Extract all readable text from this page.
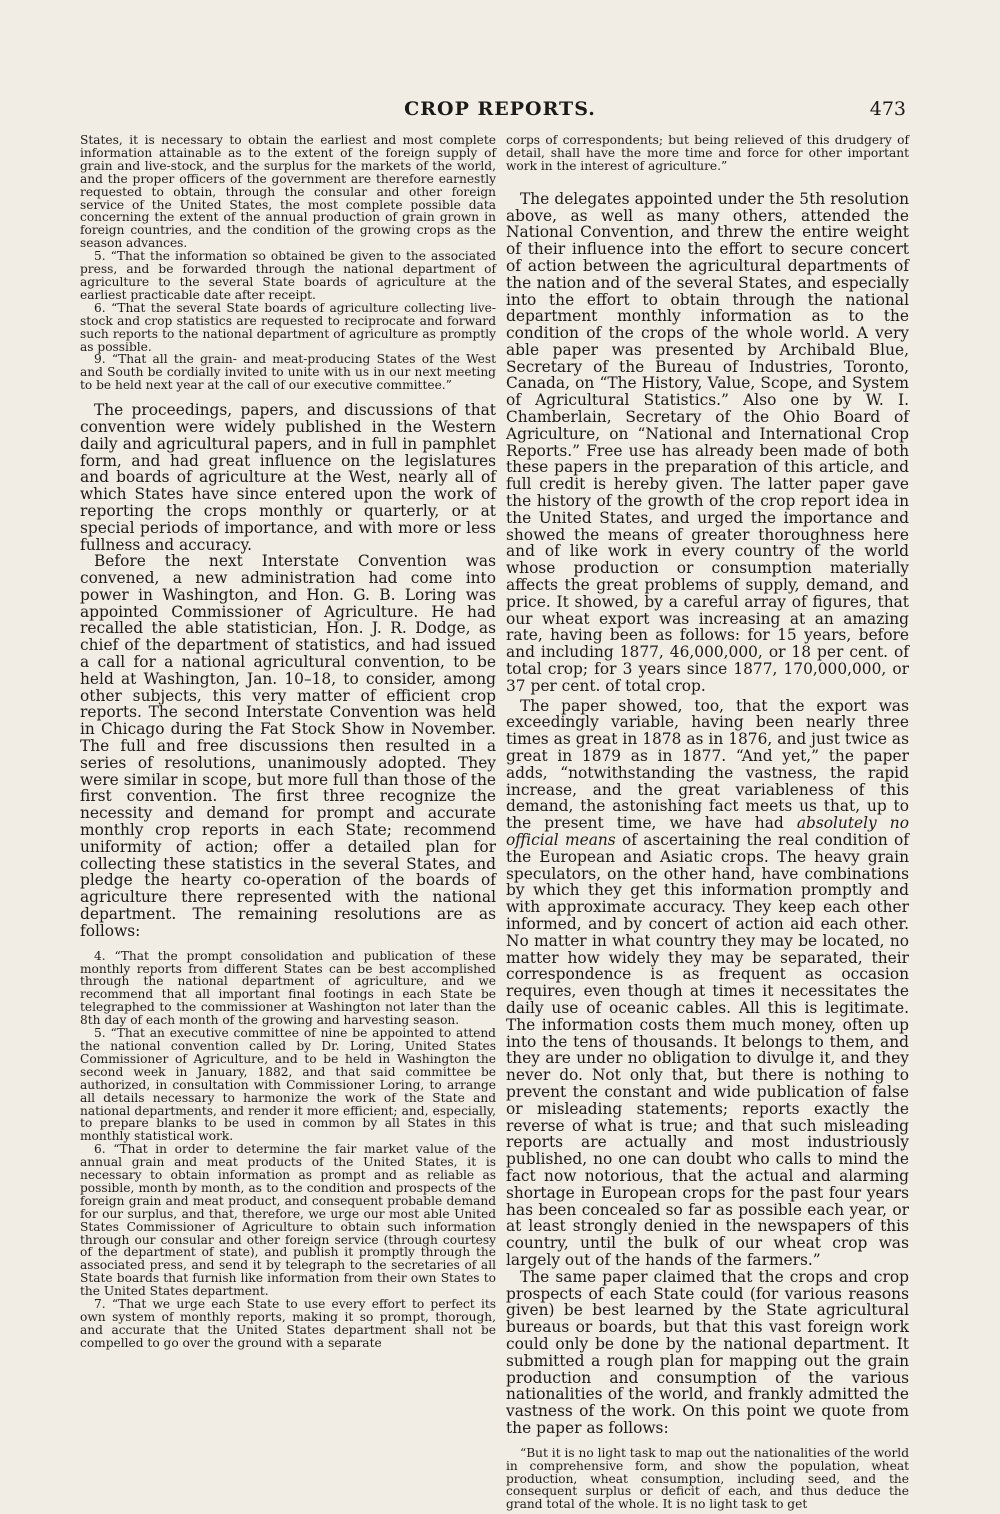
CROP REPORTS.	473

States, it is necessary to obtain the earliest and most complete information attainable as to the extent of the foreign supply of grain and live-stock, and the surplus for the markets of the world, and the proper officers of the government are therefore earnestly requested to obtain, through the consular and other foreign service of the United States, the most complete possible data concerning the extent of the annual production of grain grown in foreign countries, and the condition of the growing crops as the season advances.

5. “That the information so obtained be given to the associated press, and be forwarded through the national department of agriculture to the several State boards of agriculture at the earliest practicable date after receipt.

6. “That the several State boards of agriculture collecting live-stock and crop statistics are requested to reciprocate and forward such reports to the national department of agriculture as promptly as possible.

9. “That all the grain- and meat-producing States of the West and South be cordially invited to unite with us in our next meeting to be held next year at the call of our executive committee.”

The proceedings, papers, and discussions of that convention were widely published in the Western daily and agricultural papers, and in full in pamphlet form, and had great influence on the legislatures and boards of agriculture at the West, nearly all of which States have since entered upon the work of reporting the crops monthly or quarterly, or at special periods of importance, and with more or less fullness and accuracy.

Before the next Interstate Convention was convened, a new administration had come into power in Washington, and Hon. G. B. Loring was appointed Commissioner of Agriculture. He had recalled the able statistician, Hon. J. R. Dodge, as chief of the department of statistics, and had issued a call for a national agricultural convention, to be held at Washington, Jan. 10–18, to consider, among other subjects, this very matter of efficient crop reports. The second Interstate Convention was held in Chicago during the Fat Stock Show in November. The full and free discussions then resulted in a series of resolutions, unanimously adopted. They were similar in scope, but more full than those of the first convention. The first three recognize the necessity and demand for prompt and accurate monthly crop reports in each State; recommend uniformity of action; offer a detailed plan for collecting these statistics in the several States, and pledge the hearty co-operation of the boards of agriculture there represented with the national department. The remaining resolutions are as follows:

4. “That the prompt consolidation and publication of these monthly reports from different States can be best accomplished through the national department of agriculture, and we recommend that all important final footings in each State be telegraphed to the commissioner at Washington not later than the 8th day of each month of the growing and harvesting season.

5. “That an executive committee of nine be appointed to attend the national convention called by Dr. Loring, United States Commissioner of Agriculture, and to be held in Washington the second week in January, 1882, and that said committee be authorized, in consultation with Commissioner Loring, to arrange all details necessary to harmonize the work of the State and national departments, and render it more efficient; and, especially, to prepare blanks to be used in common by all States in this monthly statistical work.

6. “That in order to determine the fair market value of the annual grain and meat products of the United States, it is necessary to obtain information as prompt and as reliable as possible, month by month, as to the condition and prospects of the foreign grain and meat product, and consequent probable demand for our surplus, and that, therefore, we urge our most able United States Commissioner of Agriculture to obtain such information through our consular and other foreign service (through courtesy of the department of state), and publish it promptly through the associated press, and send it by telegraph to the secretaries of all State boards that furnish like information from their own States to the United States department.

7. “That we urge each State to use every effort to perfect its own system of monthly reports, making it so prompt, thorough, and accurate that the United States department shall not be compelled to go over the ground with a separate

corps of correspondents; but being relieved of this drudgery of detail, shall have the more time and force for other important work in the interest of agriculture.”

The delegates appointed under the 5th resolution above, as well as many others, attended the National Convention, and threw the entire weight of their influence into the effort to secure concert of action between the agricultural departments of the nation and of the several States, and especially into the effort to obtain through the national department monthly information as to the condition of the crops of the whole world. A very able paper was presented by Archibald Blue, Secretary of the Bureau of Industries, Toronto, Canada, on “The History, Value, Scope, and System of Agricultural Statistics.” Also one by W. I. Chamberlain, Secretary of the Ohio Board of Agriculture, on “National and International Crop Reports.” Free use has already been made of both these papers in the preparation of this article, and full credit is hereby given. The latter paper gave the history of the growth of the crop report idea in the United States, and urged the importance and showed the means of greater thoroughness here and of like work in every country of the world whose production or consumption materially affects the great problems of supply, demand, and price. It showed, by a careful array of figures, that our wheat export was increasing at an amazing rate, having been as follows: for 15 years, before and including 1877, 46,000,000, or 18 per cent. of total crop; for 3 years since 1877, 170,000,000, or 37 per cent. of total crop.

The paper showed, too, that the export was exceedingly variable, having been nearly three times as great in 1878 as in 1876, and just twice as great in 1879 as in 1877. “And yet,” the paper adds, “notwithstanding the vastness, the rapid increase, and the great variableness of this demand, the astonishing fact meets us that, up to the present time, we have had absolutely no official means of ascertaining the real condition of the European and Asiatic crops. The heavy grain speculators, on the other hand, have combinations by which they get this information promptly and with approximate accuracy. They keep each other informed, and by concert of action aid each other. No matter in what country they may be located, no matter how widely they may be separated, their correspondence is as frequent as occasion requires, even though at times it necessitates the daily use of oceanic cables. All this is legitimate. The information costs them much money, often up into the tens of thousands. It belongs to them, and they are under no obligation to divulge it, and they never do. Not only that, but there is nothing to prevent the constant and wide publication of false or misleading statements; reports exactly the reverse of what is true; and that such misleading reports are actually and most industriously published, no one can doubt who calls to mind the fact now notorious, that the actual and alarming shortage in European crops for the past four years has been concealed so far as possible each year, or at least strongly denied in the newspapers of this country, until the bulk of our wheat crop was largely out of the hands of the farmers.”

The same paper claimed that the crops and crop prospects of each State could (for various reasons given) be best learned by the State agricultural bureaus or boards, but that this vast foreign work could only be done by the national department. It submitted a rough plan for mapping out the grain production and consumption of the various nationalities of the world, and frankly admitted the vastness of the work. On this point we quote from the paper as follows:

“But it is no light task to map out the nationalities of the world in comprehensive form, and show the population, wheat production, wheat consumption, including seed, and the consequent surplus or deficit of each, and thus deduce the grand total of the whole. It is no light task to get
